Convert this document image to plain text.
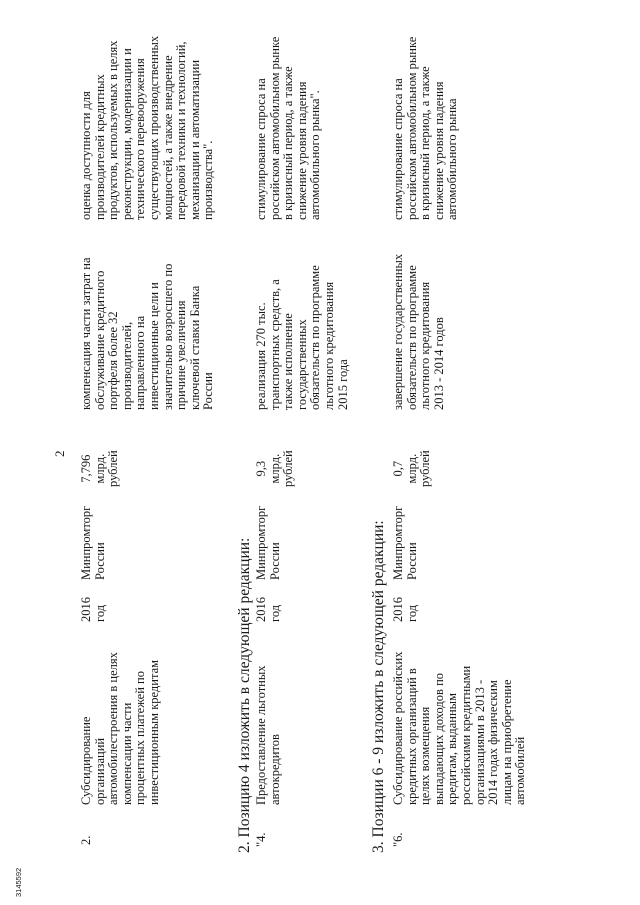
2.
Субсидирование
организаций
автомобилестроения в целях
компенсации части
процентных платежей по
инвестиционным кредитам
2016
год
Минпромторг
России
7,796
млрд.
рублей
компенсация части затрат на
обслуживание кредитного
портфеля более 32
производителей,
направленного на
инвестиционные цели и
значительно возросшего по
причине увеличения
ключевой ставки Банка
России
оценка доступности для
производителей кредитных
продуктов, используемых в целях
реконструкции, модернизации и
технического перевооружения
существующих производственных
мощностей, а также внедрение
передовой техники и технологий,
механизации и автоматизации
производства".
2
2. Позицию 4 изложить в следующей редакции: "4.
Предоставление льготных
автокредитов
2016
год
Минпромторг
России
9,3
млрд.
рублей
реализация 270 тыс.
транспортных средств, а
также исполнение
государственных
обязательств по программе
льготного кредитования
2015 года
стимулирование спроса на
российском автомобильном рынке
в кризисный период, а также
снижение уровня падения
автомобильного рынка".
3. Позиции 6 - 9 изложить в следующей редакции: "6.
Субсидирование российских
кредитных организаций в
целях возмещения
выпадающих доходов по
кредитам, выданным
российскими кредитными
организациями в 2013 -
2014 годах физическим
лицам на приобретение
автомобилей
2016
год
Минпромторг
России
0,7
млрд.
рублей
завершение государственных
обязательств по программе
льготного кредитования
2013 - 2014 годов
стимулирование спроса на
российском автомобильном рынке
в кризисный период, а также
снижение уровня падения
автомобильного рынка
3145592
